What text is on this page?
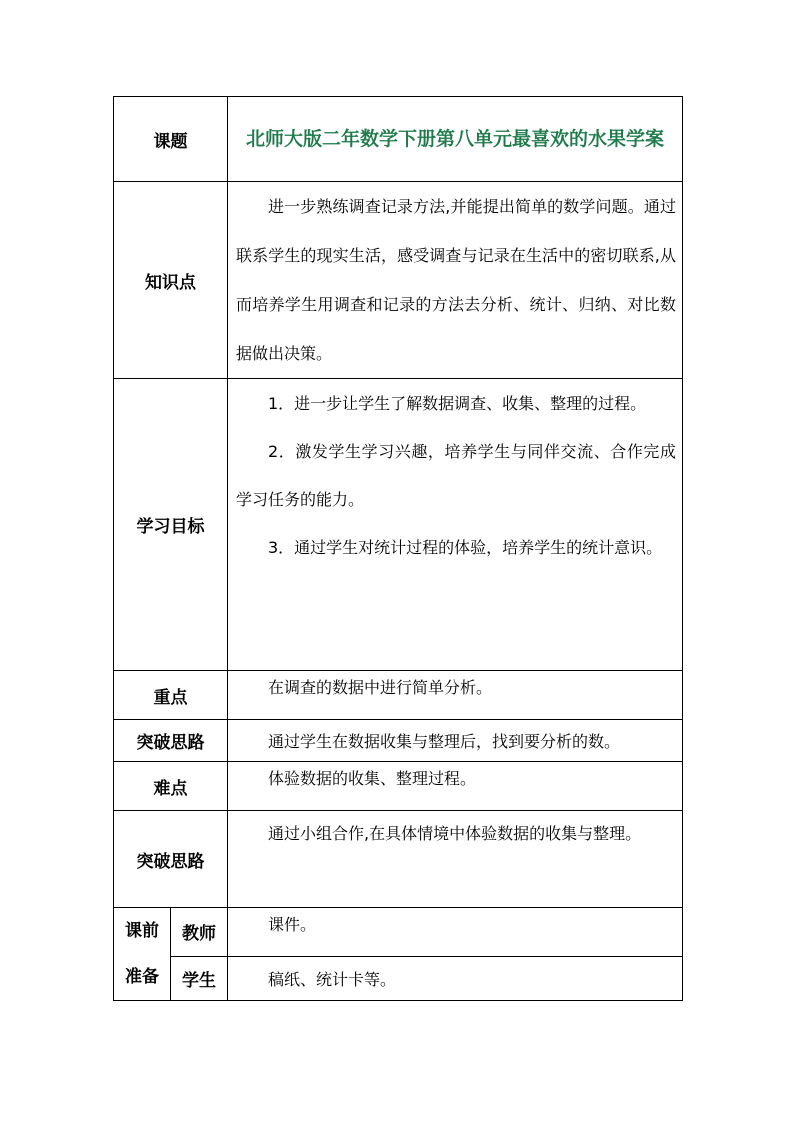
课题		北师大版二年数学下册第八单元最喜欢的水果学案
知识点		进一步熟练调查记录方法,并能提出简单的数学问题。通过联系学生的现实生活，感受调查与记录在生活中的密切联系,从而培养学生用调查和记录的方法去分析、统计、归纳、对比数据做出决策。

学习目标		1．进一步让学生了解数据调查、收集、整理的过程。

2．激发学生学习兴趣，培养学生与同伴交流、合作完成学习任务的能力。

3．通过学生对统计过程的体验，培养学生的统计意识。

重点		在调查的数据中进行简单分析。

突破思路		通过学生在数据收集与整理后，找到要分析的数。

难点		体验数据的收集、整理过程。

突破思路		通过小组合作,在具体情境中体验数据的收集与整理。

课前
准备	教师	课件。

	学生	稿纸、统计卡等。
